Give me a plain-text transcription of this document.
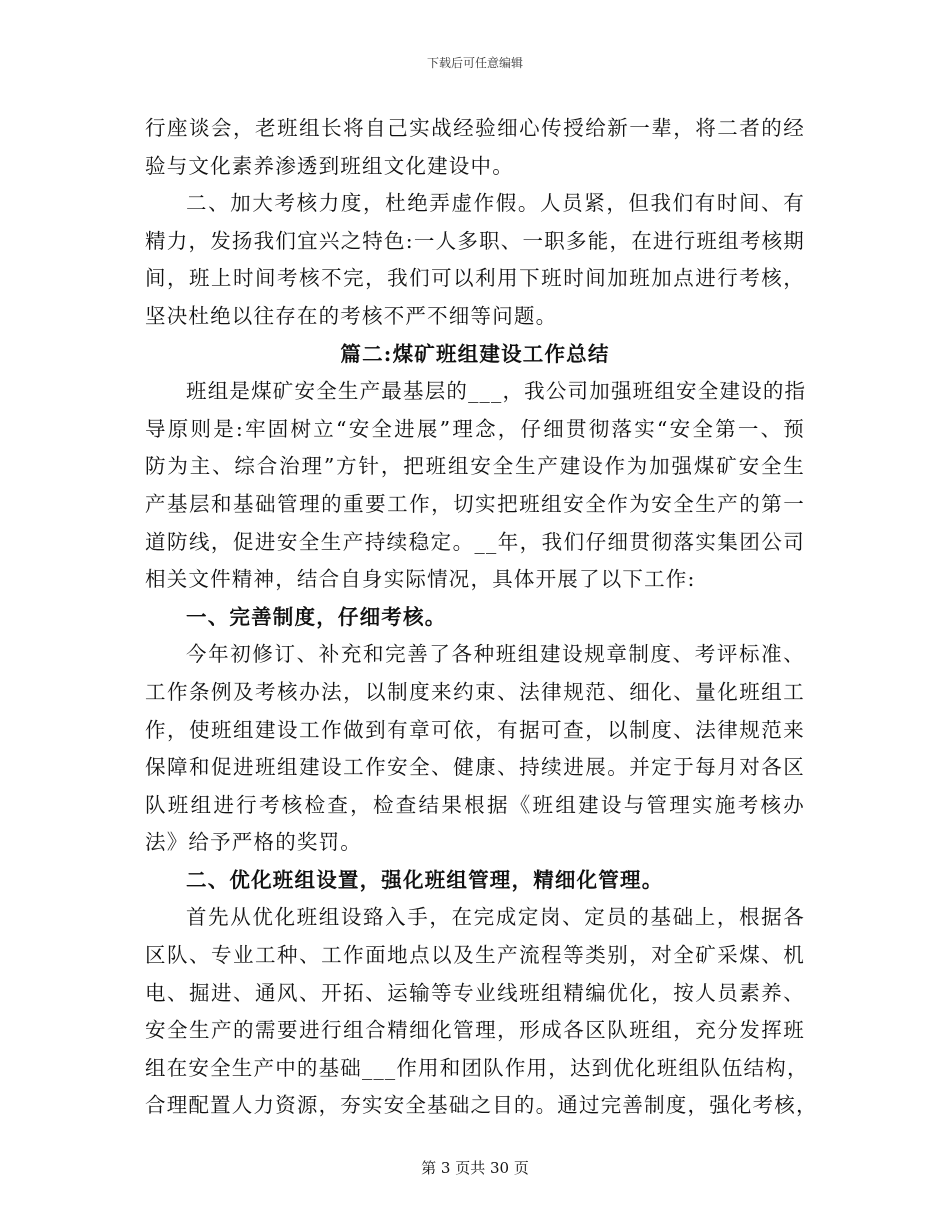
下载后可任意编辑
行座谈会，老班组长将自己实战经验细心传授给新一辈，将二者的经
验与文化素养渗透到班组文化建设中。
二、加大考核力度，杜绝弄虚作假。人员紧，但我们有时间、有
精力，发扬我们宜兴之特色:一人多职、一职多能，在进行班组考核期
间，班上时间考核不完，我们可以利用下班时间加班加点进行考核，
坚决杜绝以往存在的考核不严不细等问题。
篇二:煤矿班组建设工作总结
班组是煤矿安全生产最基层的___，我公司加强班组安全建设的指
导原则是:牢固树立“安全进展”理念，仔细贯彻落实“安全第一、预
防为主、综合治理”方针，把班组安全生产建设作为加强煤矿安全生
产基层和基础管理的重要工作，切实把班组安全作为安全生产的第一
道防线，促进安全生产持续稳定。__年，我们仔细贯彻落实集团公司
相关文件精神，结合自身实际情况，具体开展了以下工作:
一、完善制度，仔细考核。
今年初修订、补充和完善了各种班组建设规章制度、考评标准、
工作条例及考核办法，以制度来约束、法律规范、细化、量化班组工
作，使班组建设工作做到有章可依，有据可查，以制度、法律规范来
保障和促进班组建设工作安全、健康、持续进展。并定于每月对各区
队班组进行考核检查，检查结果根据《班组建设与管理实施考核办
法》给予严格的奖罚。
二、优化班组设置，强化班组管理，精细化管理。
首先从优化班组设臵入手，在完成定岗、定员的基础上，根据各
区队、专业工种、工作面地点以及生产流程等类别，对全矿采煤、机
电、掘进、通风、开拓、运输等专业线班组精编优化，按人员素养、
安全生产的需要进行组合精细化管理，形成各区队班组，充分发挥班
组在安全生产中的基础___作用和团队作用，达到优化班组队伍结构，
合理配置人力资源，夯实安全基础之目的。通过完善制度，强化考核，
第 3 页共 30 页
